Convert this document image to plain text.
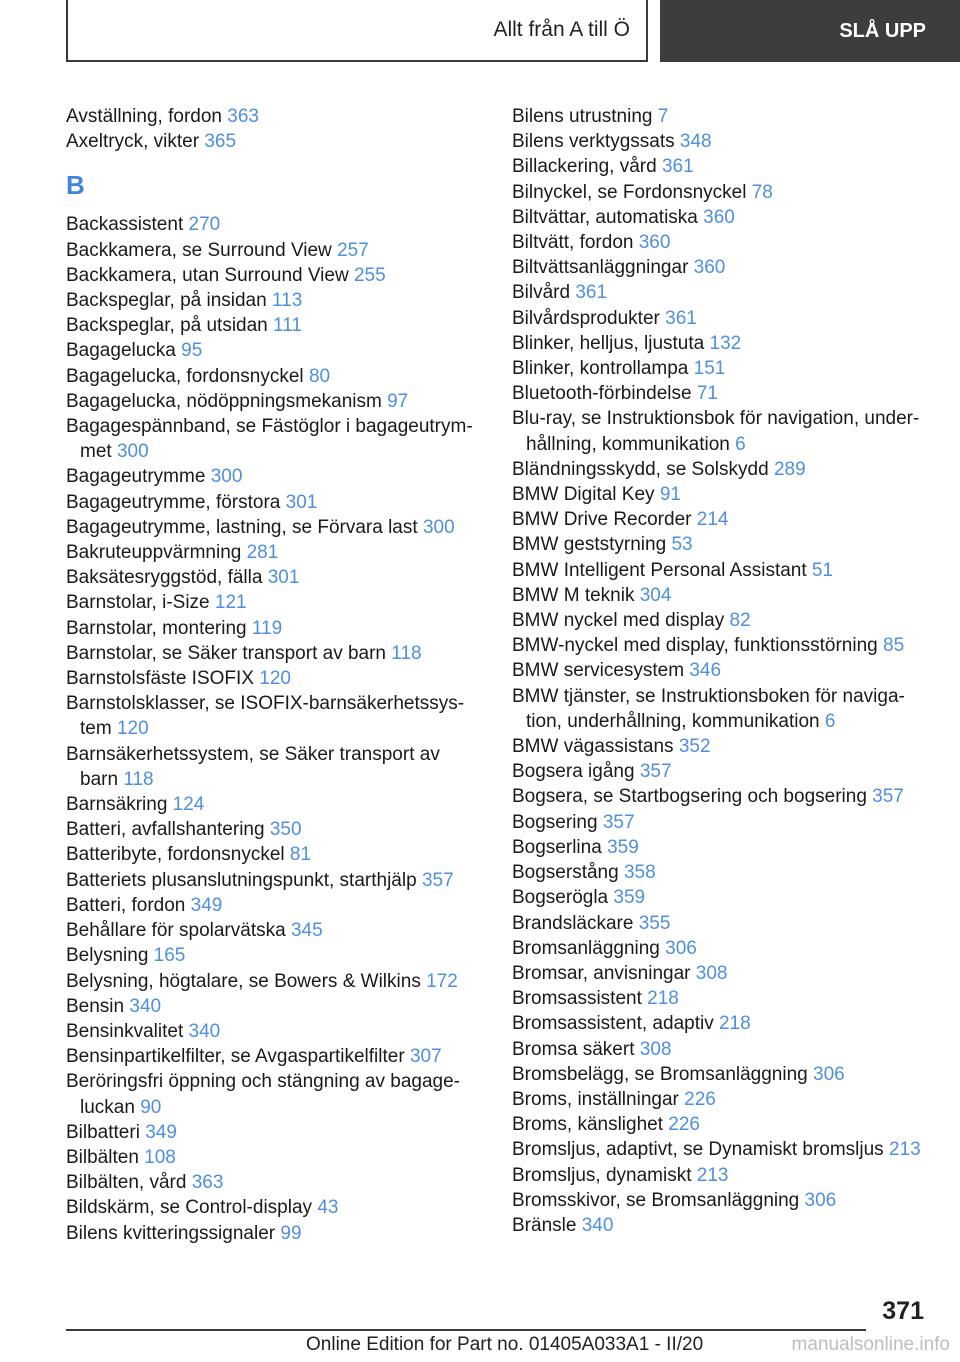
Allt från A till Ö	SLÅ UPP
Avställning, fordon 363
Axeltryck, vikter 365
B
Backassistent 270
Backkamera, se Surround View 257
Backkamera, utan Surround View 255
Backspeglar, på insidan 113
Backspeglar, på utsidan 111
Bagagelucka 95
Bagagelucka, fordonsnyckel 80
Bagagelucka, nödöppningsmekanism 97
Bagagespännband, se Fästöglor i bagageutrym‐
met 300
Bagageutrymme 300
Bagageutrymme, förstora 301
Bagageutrymme, lastning, se Förvara last 300
Bakruteuppvärmning 281
Baksätesryggstöd, fälla 301
Barnstolar, i-Size 121
Barnstolar, montering 119
Barnstolar, se Säker transport av barn 118
Barnstolsfäste ISOFIX 120
Barnstolsklasser, se ISOFIX-barnsäkerhetssys‐
tem 120
Barnsäkerhetssystem, se Säker transport av
barn 118
Barnsäkring 124
Batteri, avfallshantering 350
Batteribyte, fordonsnyckel 81
Batteriets plusanslutningspunkt, starthjälp 357
Batteri, fordon 349
Behållare för spolarvätska 345
Belysning 165
Belysning, högtalare, se Bowers & Wilkins 172
Bensin 340
Bensinkvalitet 340
Bensinpartikelfilter, se Avgaspartikelfilter 307
Beröringsfri öppning och stängning av bagage‐
luckan 90
Bilbatteri 349
Bilbälten 108
Bilbälten, vård 363
Bildskärm, se Control-display 43
Bilens kvitteringssignaler 99
Bilens utrustning 7
Bilens verktygssats 348
Billackering, vård 361
Bilnyckel, se Fordonsnyckel 78
Biltvättar, automatiska 360
Biltvätt, fordon 360
Biltvättsanläggningar 360
Bilvård 361
Bilvårdsprodukter 361
Blinker, helljus, ljustuta 132
Blinker, kontrollampa 151
Bluetooth-förbindelse 71
Blu-ray, se Instruktionsbok för navigation, under‐
hållning, kommunikation 6
Bländningsskydd, se Solskydd 289
BMW Digital Key 91
BMW Drive Recorder 214
BMW geststyrning 53
BMW Intelligent Personal Assistant 51
BMW M teknik 304
BMW nyckel med display 82
BMW-nyckel med display, funktionsstörning 85
BMW servicesystem 346
BMW tjänster, se Instruktionsboken för naviga‐
tion, underhållning, kommunikation 6
BMW vägassistans 352
Bogsera igång 357
Bogsera, se Startbogsering och bogsering 357
Bogsering 357
Bogserlina 359
Bogserstång 358
Bogserögla 359
Brandsläckare 355
Bromsanläggning 306
Bromsar, anvisningar 308
Bromsassistent 218
Bromsassistent, adaptiv 218
Bromsa säkert 308
Bromsbelägg, se Bromsanläggning 306
Broms, inställningar 226
Broms, känslighet 226
Bromsljus, adaptivt, se Dynamiskt bromsljus 213
Bromsljus, dynamiskt 213
Bromsskivor, se Bromsanläggning 306
Bränsle 340
371
Online Edition for Part no. 01405A033A1 - II/20	manualsonline.info
